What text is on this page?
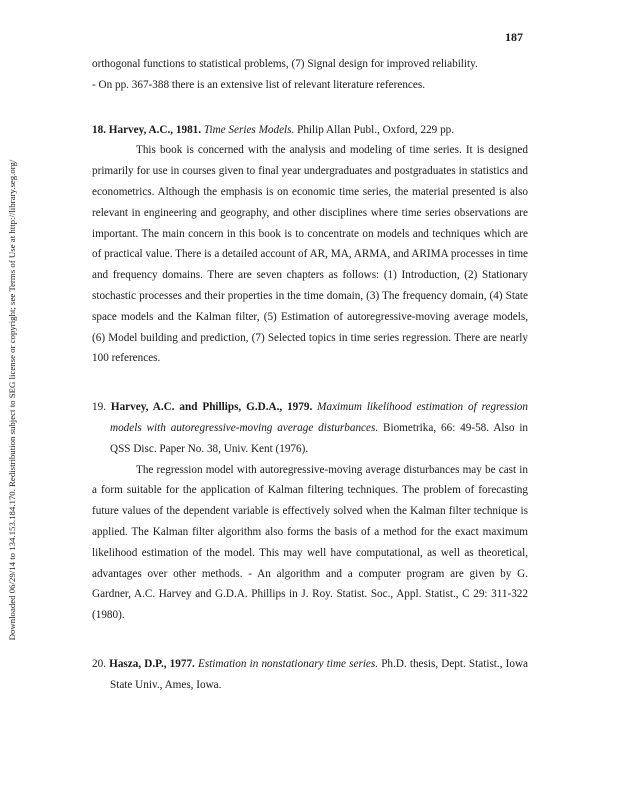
187
Downloaded 06/29/14 to 134.153.184.170. Redistribution subject to SEG license or copyright; see Terms of Use at http://library.seg.org/

orthogonal functions to statistical problems, (7) Signal design for improved reliability.

- On pp. 367-388 there is an extensive list of relevant literature references.

18. Harvey, A.C., 1981. Time Series Models. Philip Allan Publ., Oxford, 229 pp.

This book is concerned with the analysis and modeling of time series. It is designed primarily for use in courses given to final year undergraduates and postgraduates in statistics and econometrics. Although the emphasis is on economic time series, the material presented is also relevant in engineering and geography, and other disciplines where time series observations are important. The main concern in this book is to concentrate on models and techniques which are of practical value. There is a detailed account of AR, MA, ARMA, and ARIMA processes in time and frequency domains. There are seven chapters as follows: (1) Introduction, (2) Stationary stochastic processes and their properties in the time domain, (3) The frequency domain, (4) State space models and the Kalman filter, (5) Estimation of autoregressive-moving average models, (6) Model building and prediction, (7) Selected topics in time series regression. There are nearly 100 references.

19. Harvey, A.C. and Phillips, G.D.A., 1979. Maximum likelihood estimation of regression models with autoregressive-moving average disturbances. Biometrika, 66: 49-58. Also in QSS Disc. Paper No. 38, Univ. Kent (1976).

The regression model with autoregressive-moving average disturbances may be cast in a form suitable for the application of Kalman filtering techniques. The problem of forecasting future values of the dependent variable is effectively solved when the Kalman filter technique is applied. The Kalman filter algorithm also forms the basis of a method for the exact maximum likelihood estimation of the model. This may well have computational, as well as theoretical, advantages over other methods. - An algorithm and a computer program are given by G. Gardner, A.C. Harvey and G.D.A. Phillips in J. Roy. Statist. Soc., Appl. Statist., C 29: 311-322 (1980).

20. Hasza, D.P., 1977. Estimation in nonstationary time series. Ph.D. thesis, Dept. Statist., Iowa State Univ., Ames, Iowa.
